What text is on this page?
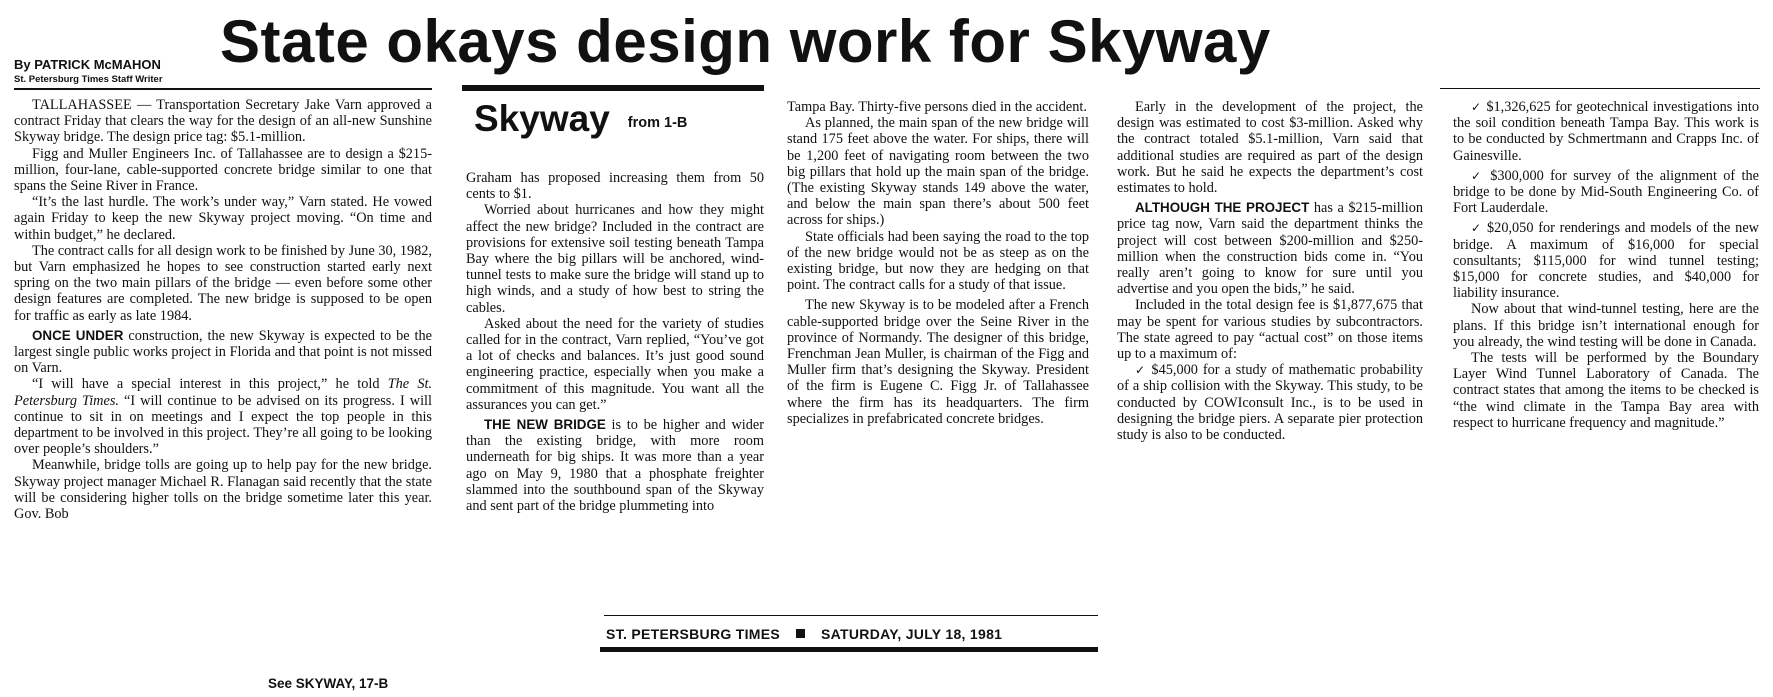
State okays design work for Skyway
By PATRICK McMAHON
St. Petersburg Times Staff Writer

TALLAHASSEE — Transportation Secretary Jake Varn approved a contract Friday that clears the way for the design of an all-new Sunshine Skyway bridge. The design price tag: $5.1-million.

Figg and Muller Engineers Inc. of Tallahassee are to design a $215-million, four-lane, cable-supported concrete bridge similar to one that spans the Seine River in France.

“It’s the last hurdle. The work’s under way,” Varn stated. He vowed again Friday to keep the new Skyway project moving. “On time and within budget,” he declared.

The contract calls for all design work to be finished by June 30, 1982, but Varn emphasized he hopes to see construction started early next spring on the two main pillars of the bridge — even before some other design features are completed. The new bridge is supposed to be open for traffic as early as late 1984.

ONCE UNDER construction, the new Skyway is expected to be the largest single public works project in Florida and that point is not missed on Varn.

“I will have a special interest in this project,” he told The St. Petersburg Times. “I will continue to be advised on its progress. I will continue to sit in on meetings and I expect the top people in this department to be involved in this project. They’re all going to be looking over people’s shoulders.”

Meanwhile, bridge tolls are going up to help pay for the new bridge. Skyway project manager Michael R. Flanagan said recently that the state will be considering higher tolls on the bridge sometime later this year. Gov. Bob

See SKYWAY, 17-B
Skyway from 1-B

Graham has proposed increasing them from 50 cents to $1.

Worried about hurricanes and how they might affect the new bridge? Included in the contract are provisions for extensive soil testing beneath Tampa Bay where the big pillars will be anchored, wind-tunnel tests to make sure the bridge will stand up to high winds, and a study of how best to string the cables.

Asked about the need for the variety of studies called for in the contract, Varn replied, “You’ve got a lot of checks and balances. It’s just good sound engineering practice, especially when you make a commitment of this magnitude. You want all the assurances you can get.”

THE NEW BRIDGE is to be higher and wider than the existing bridge, with more room underneath for big ships. It was more than a year ago on May 9, 1980 that a phosphate freighter slammed into the southbound span of the Skyway and sent part of the bridge plummeting into

Tampa Bay. Thirty-five persons died in the accident.

As planned, the main span of the new bridge will stand 175 feet above the water. For ships, there will be 1,200 feet of navigating room between the two big pillars that hold up the main span of the bridge. (The existing Skyway stands 149 above the water, and below the main span there’s about 500 feet across for ships.)

State officials had been saying the road to the top of the new bridge would not be as steep as on the existing bridge, but now they are hedging on that point. The contract calls for a study of that issue.

The new Skyway is to be modeled after a French cable-supported bridge over the Seine River in the province of Normandy. The designer of this bridge, Frenchman Jean Muller, is chairman of the Figg and Muller firm that’s designing the Skyway. President of the firm is Eugene C. Figg Jr. of Tallahassee where the firm has its headquarters. The firm specializes in prefabricated concrete bridges.

Early in the development of the project, the design was estimated to cost $3-million. Asked why the contract totaled $5.1-million, Varn said that additional studies are required as part of the design work. But he said he expects the department’s cost estimates to hold.

ALTHOUGH THE PROJECT has a $215-million price tag now, Varn said the department thinks the project will cost between $200-million and $250-million when the construction bids come in. “You really aren’t going to know for sure until you advertise and you open the bids,” he said.

Included in the total design fee is $1,877,675 that may be spent for various studies by subcontractors. The state agreed to pay “actual cost” on those items up to a maximum of:

✓ $45,000 for a study of mathematic probability of a ship collision with the Skyway. This study, to be conducted by COWIconsult Inc., is to be used in designing the bridge piers. A separate pier protection study is also to be conducted.

✓ $1,326,625 for geotechnical investigations into the soil condition beneath Tampa Bay. This work is to be conducted by Schmertmann and Crapps Inc. of Gainesville.

✓ $300,000 for survey of the alignment of the bridge to be done by Mid-South Engineering Co. of Fort Lauderdale.

✓ $20,050 for renderings and models of the new bridge. A maximum of $16,000 for special consultants; $115,000 for wind tunnel testing; $15,000 for concrete studies, and $40,000 for liability insurance.

Now about that wind-tunnel testing, here are the plans. If this bridge isn’t international enough for you already, the wind testing will be done in Canada.

The tests will be performed by the Boundary Layer Wind Tunnel Laboratory of Canada. The contract states that among the items to be checked is “the wind climate in the Tampa Bay area with respect to hurricane frequency and magnitude.”

ST. PETERSBURG TIMES	SATURDAY, JULY 18, 1981
